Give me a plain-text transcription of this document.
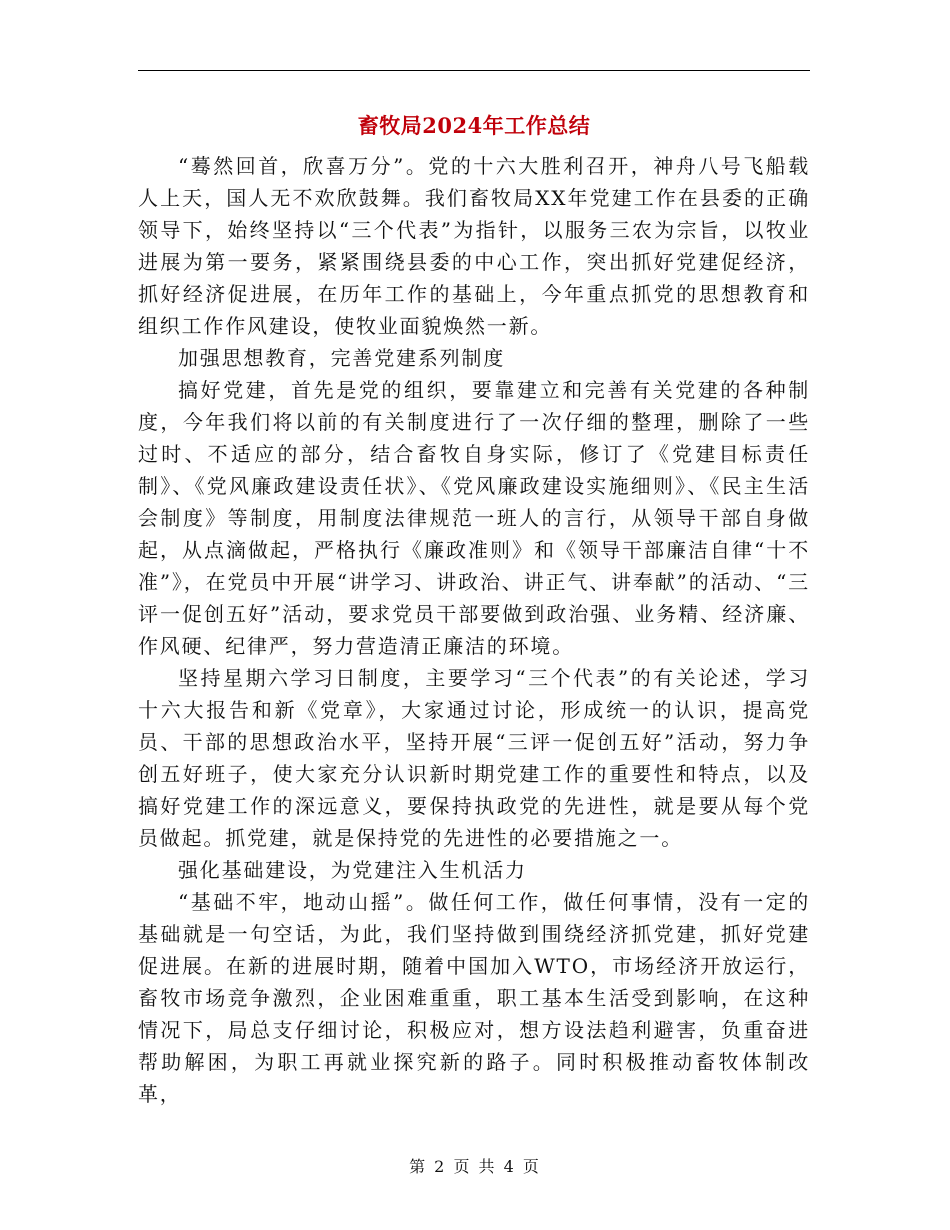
畜牧局2024年工作总结

“蓦然回首，欣喜万分”。党的十六大胜利召开，神舟八号飞船载人上天，国人无不欢欣鼓舞。我们畜牧局XX年党建工作在县委的正确领导下，始终坚持以“三个代表”为指针，以服务三农为宗旨，以牧业进展为第一要务，紧紧围绕县委的中心工作，突出抓好党建促经济，抓好经济促进展，在历年工作的基础上，今年重点抓党的思想教育和组织工作作风建设，使牧业面貌焕然一新。

加强思想教育，完善党建系列制度

搞好党建，首先是党的组织，要靠建立和完善有关党建的各种制度，今年我们将以前的有关制度进行了一次仔细的整理，删除了一些过时、不适应的部分，结合畜牧自身实际，修订了《党建目标责任制》、《党风廉政建设责任状》、《党风廉政建设实施细则》、《民主生活会制度》等制度，用制度法律规范一班人的言行，从领导干部自身做起，从点滴做起，严格执行《廉政准则》和《领导干部廉洁自律“十不准”》，在党员中开展“讲学习、讲政治、讲正气、讲奉献”的活动、“三评一促创五好”活动，要求党员干部要做到政治强、业务精、经济廉、作风硬、纪律严，努力营造清正廉洁的环境。

坚持星期六学习日制度，主要学习“三个代表”的有关论述，学习十六大报告和新《党章》，大家通过讨论，形成统一的认识，提高党员、干部的思想政治水平，坚持开展“三评一促创五好”活动，努力争创五好班子，使大家充分认识新时期党建工作的重要性和特点，以及搞好党建工作的深远意义，要保持执政党的先进性，就是要从每个党员做起。抓党建，就是保持党的先进性的必要措施之一。

强化基础建设，为党建注入生机活力

“基础不牢，地动山摇”。做任何工作，做任何事情，没有一定的基础就是一句空话，为此，我们坚持做到围绕经济抓党建，抓好党建促进展。在新的进展时期，随着中国加入WTO，市场经济开放运行，畜牧市场竞争激烈，企业困难重重，职工基本生活受到影响，在这种情况下，局总支仔细讨论，积极应对，想方设法趋利避害，负重奋进帮助解困，为职工再就业探究新的路子。同时积极推动畜牧体制改革，

第 2 页 共 4 页
